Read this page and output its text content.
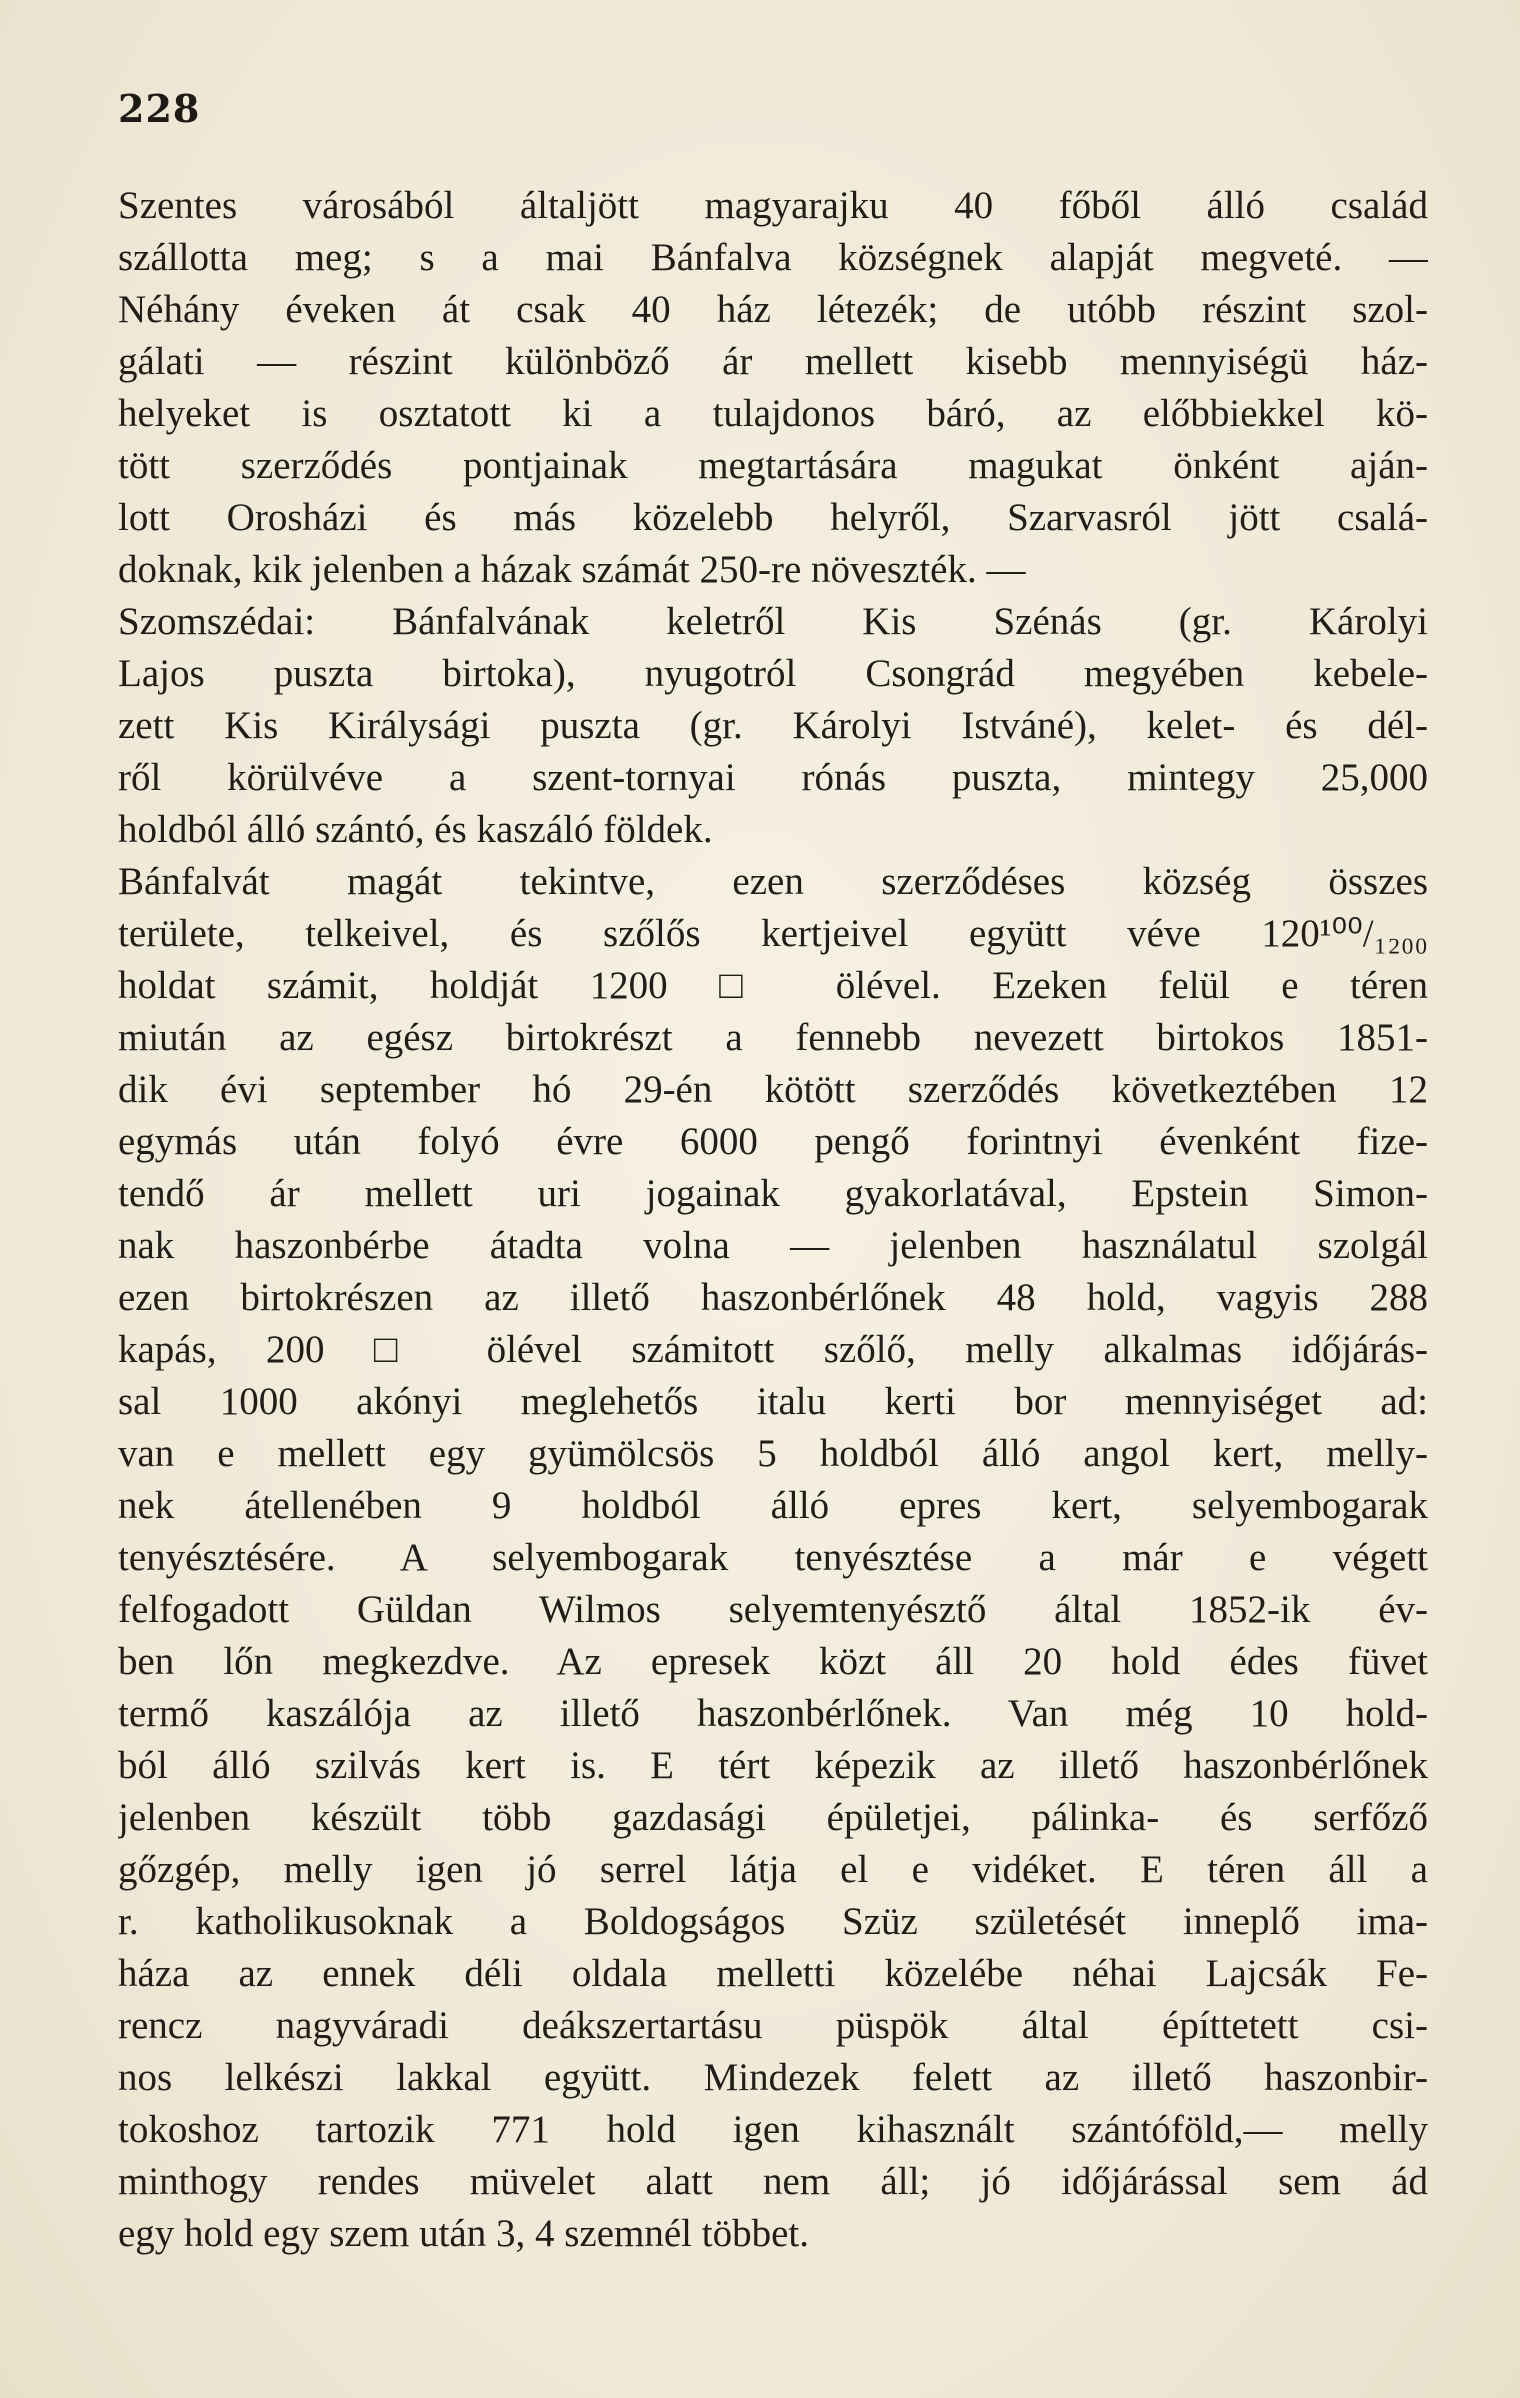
228
Szentes városából általjött magyarajku 40 főből álló család
szállotta meg; s a mai Bánfalva községnek alapját megveté. —
Néhány éveken át csak 40 ház létezék; de utóbb részint szol-
gálati — részint különböző ár mellett kisebb mennyiségü ház-
helyeket is osztatott ki a tulajdonos báró, az előbbiekkel kö-
tött szerződés pontjainak megtartására magukat önként aján-
lott Orosházi és más közelebb helyről, Szarvasról jött csalá-
doknak, kik jelenben a házak számát 250-re növeszték. —
Szomszédai: Bánfalvának keletről Kis Szénás (gr. Károlyi
Lajos puszta birtoka), nyugotról Csongrád megyében kebele-
zett Kis Királysági puszta (gr. Károlyi Istváné), kelet- és dél-
ről körülvéve a szent-tornyai rónás puszta, mintegy 25,000
holdból álló szántó, és kaszáló földek.
Bánfalvát magát tekintve, ezen szerződéses község összes
területe, telkeivel, és szőlős kertjeivel együtt véve 120¹⁰⁰/₁₂₀₀
holdat számit, holdját 1200 □ ölével. Ezeken felül e téren
miután az egész birtokrészt a fennebb nevezett birtokos 1851-
dik évi september hó 29-én kötött szerződés következtében 12
egymás után folyó évre 6000 pengő forintnyi évenként fize-
tendő ár mellett uri jogainak gyakorlatával, Epstein Simon-
nak haszonbérbe átadta volna — jelenben használatul szolgál
ezen birtokrészen az illető haszonbérlőnek 48 hold, vagyis 288
kapás, 200 □ ölével számitott szőlő, melly alkalmas időjárás-
sal 1000 akónyi meglehetős italu kerti bor mennyiséget ad:
van e mellett egy gyümölcsös 5 holdból álló angol kert, melly-
nek átellenében 9 holdból álló epres kert, selyembogarak
tenyésztésére. A selyembogarak tenyésztése a már e végett
felfogadott Güldan Wilmos selyemtenyésztő által 1852-ik év-
ben lőn megkezdve. Az epresek közt áll 20 hold édes füvet
termő kaszálója az illető haszonbérlőnek. Van még 10 hold-
ból álló szilvás kert is. E tért képezik az illető haszonbérlőnek
jelenben készült több gazdasági épületjei, pálinka- és serfőző
gőzgép, melly igen jó serrel látja el e vidéket. E téren áll a
r. katholikusoknak a Boldogságos Szüz születését inneplő ima-
háza az ennek déli oldala melletti közelébe néhai Lajcsák Fe-
rencz nagyváradi deákszertartásu püspök által építtetett csi-
nos lelkészi lakkal együtt. Mindezek felett az illető haszonbir-
tokoshoz tartozik 771 hold igen kihasznált szántóföld,— melly
minthogy rendes müvelet alatt nem áll; jó időjárással sem ád
egy hold egy szem után 3, 4 szemnél többet.
